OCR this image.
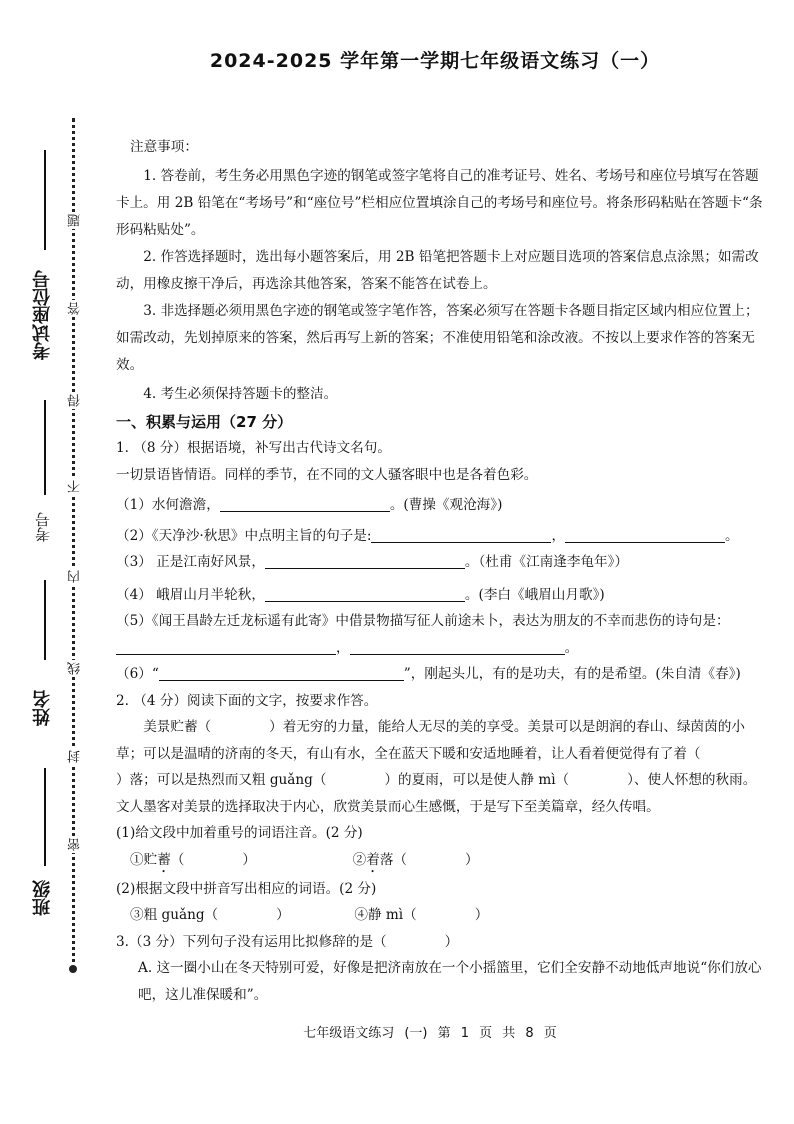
2024-2025 学年第一学期七年级语文练习（一）
题
答
得
不
内
线
封
密
考试座位号
考号
姓名
班级

注意事项：

1. 答卷前，考生务必用黑色字迹的钢笔或签字笔将自己的准考证号、姓名、考场号和座位号填写在答题卡上。用 2B 铅笔在“考场号”和“座位号”栏相应位置填涂自己的考场号和座位号。将条形码粘贴在答题卡“条形码粘贴处”。

2. 作答选择题时，选出每小题答案后，用 2B 铅笔把答题卡上对应题目选项的答案信息点涂黑；如需改动，用橡皮擦干净后，再选涂其他答案，答案不能答在试卷上。

3. 非选择题必须用黑色字迹的钢笔或签字笔作答，答案必须写在答题卡各题目指定区域内相应位置上；如需改动，先划掉原来的答案，然后再写上新的答案；不准使用铅笔和涂改液。不按以上要求作答的答案无效。

4. 考生必须保持答题卡的整洁。

一、积累与运用（27 分）

1. （8 分）根据语境，补写出古代诗文名句。

一切景语皆情语。同样的季节，在不同的文人骚客眼中也是各着色彩。

（1）水何澹澹，	。(曹操《观沧海》)

（2）《天净沙·秋思》中点明主旨的句子是:	，	。

（3） 正是江南好风景，	。（杜甫《江南逢李龟年》）

（4） 峨眉山月半轮秋，	。(李白《峨眉山月歌》)

（5）《闻王昌龄左迁龙标遥有此寄》中借景物描写征人前途未卜，表达为朋友的不幸而悲伤的诗句是：，	。

（6）“	”，刚起头儿，有的是功夫，有的是希望。(朱自清《春》)

2. （4 分）阅读下面的文字，按要求作答。

美景贮蓄（	）着无穷的力量，能给人无尽的美的享受。美景可以是朗润的春山、绿茵茵的小草；可以是温晴的济南的冬天，有山有水，全在蓝天下暖和安适地睡着，让人看着便觉得有了着（）落；可以是热烈而又粗 guǎng（	）的夏雨，可以是使人静 mì（	）、使人怀想的秋雨。文人墨客对美景的选择取决于内心，欣赏美景而心生感慨，于是写下至美篇章，经久传唱。

(1)给文段中加着重号的词语注音。(2 分)

①贮蓄（	）	②着落（	）

(2)根据文段中拼音写出相应的词语。(2 分)

③粗 guǎng（	）	④静 mì（	）

3.（3 分）下列句子没有运用比拟修辞的是（	）

A. 这一圈小山在冬天特别可爱，好像是把济南放在一个小摇篮里，它们全安静不动地低声地说“你们放心吧，这儿准保暖和”。

七年级语文练习 (一) 第 1 页 共 8 页
